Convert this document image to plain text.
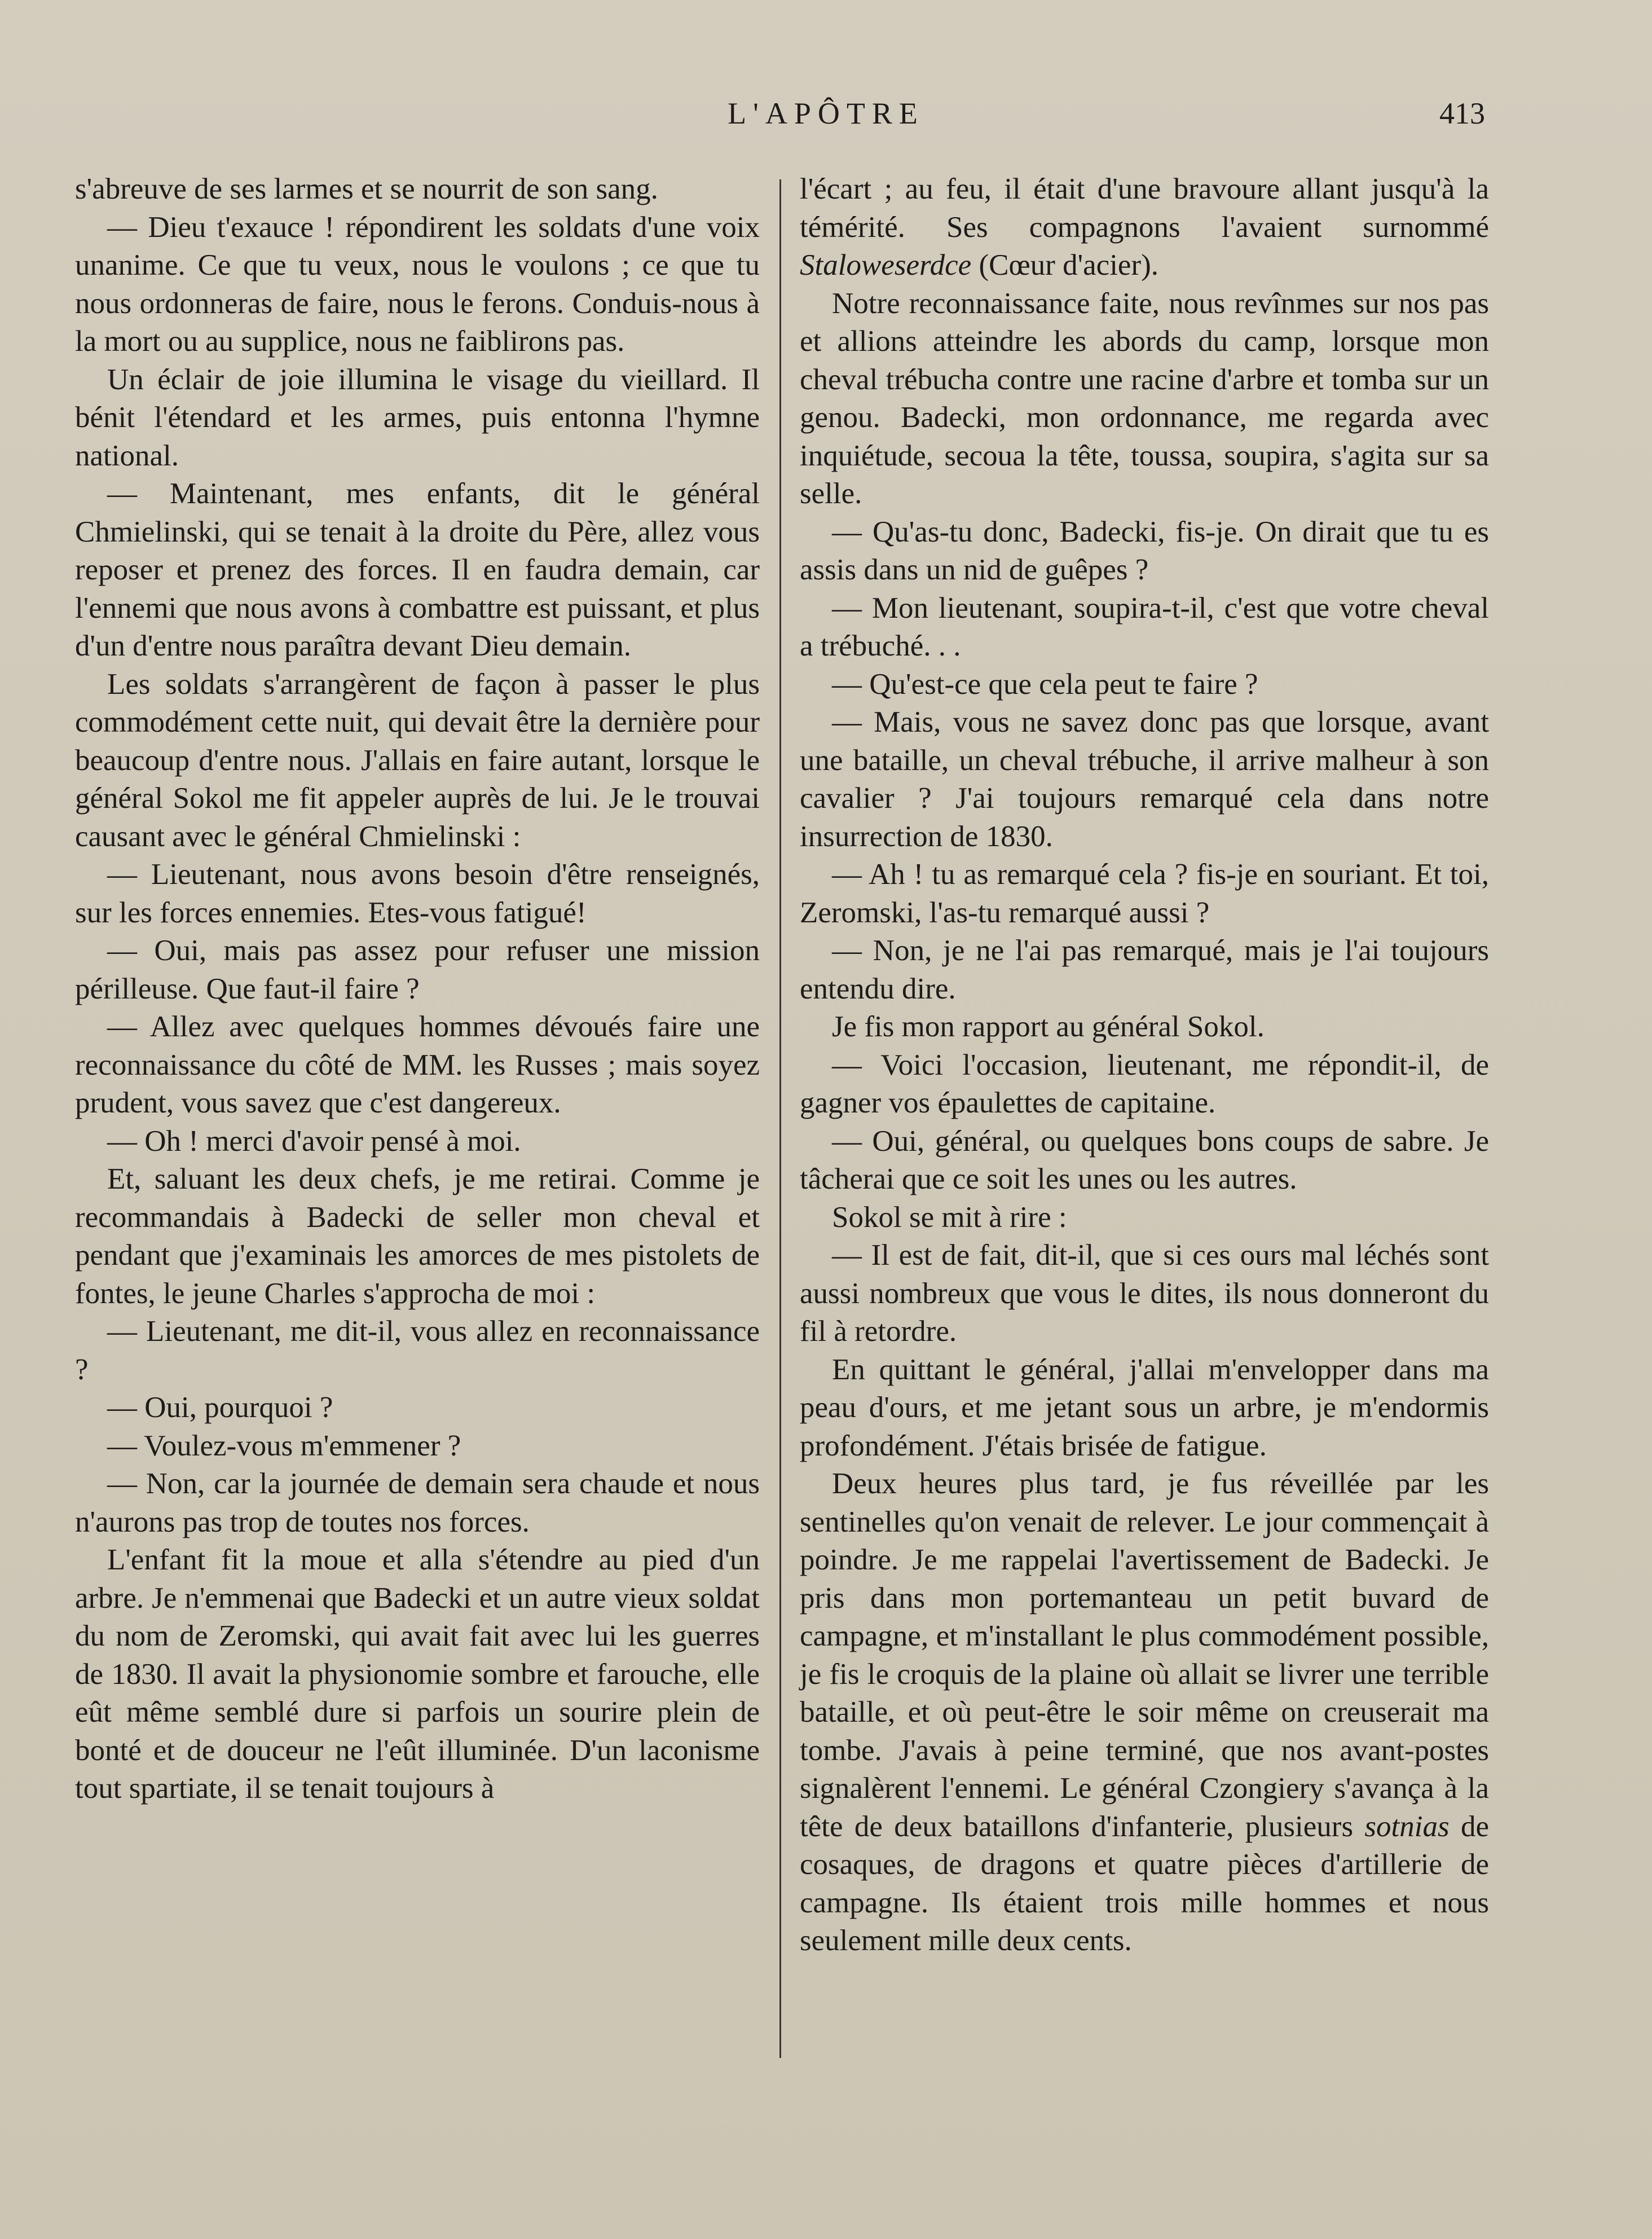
L'APÔTRE	413

s'abreuve de ses larmes et se nourrit de son sang.

— Dieu t'exauce ! répondirent les soldats d'une voix unanime. Ce que tu veux, nous le voulons ; ce que tu nous ordonneras de faire, nous le ferons. Conduis-nous à la mort ou au supplice, nous ne faiblirons pas.

Un éclair de joie illumina le visage du vieillard. Il bénit l'étendard et les armes, puis entonna l'hymne national.

— Maintenant, mes enfants, dit le général Chmielinski, qui se tenait à la droite du Père, allez vous reposer et prenez des forces. Il en faudra demain, car l'ennemi que nous avons à combattre est puissant, et plus d'un d'entre nous paraîtra devant Dieu demain.

Les soldats s'arrangèrent de façon à passer le plus commodément cette nuit, qui devait être la dernière pour beaucoup d'entre nous. J'allais en faire autant, lorsque le général Sokol me fit appeler auprès de lui. Je le trouvai causant avec le général Chmielinski :

— Lieutenant, nous avons besoin d'être renseignés, sur les forces ennemies. Etes-vous fatigué!

— Oui, mais pas assez pour refuser une mission périlleuse. Que faut-il faire ?

— Allez avec quelques hommes dévoués faire une reconnaissance du côté de MM. les Russes ; mais soyez prudent, vous savez que c'est dangereux.

— Oh ! merci d'avoir pensé à moi.

Et, saluant les deux chefs, je me retirai. Comme je recommandais à Badecki de seller mon cheval et pendant que j'examinais les amorces de mes pistolets de fontes, le jeune Charles s'approcha de moi :

— Lieutenant, me dit-il, vous allez en reconnaissance ?

— Oui, pourquoi ?

— Voulez-vous m'emmener ?

— Non, car la journée de demain sera chaude et nous n'aurons pas trop de toutes nos forces.

L'enfant fit la moue et alla s'étendre au pied d'un arbre. Je n'emmenai que Badecki et un autre vieux soldat du nom de Zeromski, qui avait fait avec lui les guerres de 1830. Il avait la physionomie sombre et farouche, elle eût même semblé dure si parfois un sourire plein de bonté et de douceur ne l'eût illuminée. D'un laconisme tout spartiate, il se tenait toujours à

l'écart ; au feu, il était d'une bravoure allant jusqu'à la témérité. Ses compagnons l'avaient surnommé Staloweserdce (Cœur d'acier).

Notre reconnaissance faite, nous revînmes sur nos pas et allions atteindre les abords du camp, lorsque mon cheval trébucha contre une racine d'arbre et tomba sur un genou. Badecki, mon ordonnance, me regarda avec inquiétude, secoua la tête, toussa, soupira, s'agita sur sa selle.

— Qu'as-tu donc, Badecki, fis-je. On dirait que tu es assis dans un nid de guêpes ?

— Mon lieutenant, soupira-t-il, c'est que votre cheval a trébuché. . .

— Qu'est-ce que cela peut te faire ?

— Mais, vous ne savez donc pas que lorsque, avant une bataille, un cheval trébuche, il arrive malheur à son cavalier ? J'ai toujours remarqué cela dans notre insurrection de 1830.

— Ah ! tu as remarqué cela ? fis-je en souriant. Et toi, Zeromski, l'as-tu remarqué aussi ?

— Non, je ne l'ai pas remarqué, mais je l'ai toujours entendu dire.

Je fis mon rapport au général Sokol.

— Voici l'occasion, lieutenant, me répondit-il, de gagner vos épaulettes de capitaine.

— Oui, général, ou quelques bons coups de sabre. Je tâcherai que ce soit les unes ou les autres.

Sokol se mit à rire :

— Il est de fait, dit-il, que si ces ours mal léchés sont aussi nombreux que vous le dites, ils nous donneront du fil à retordre.

En quittant le général, j'allai m'envelopper dans ma peau d'ours, et me jetant sous un arbre, je m'endormis profondément. J'étais brisée de fatigue.

Deux heures plus tard, je fus réveillée par les sentinelles qu'on venait de relever. Le jour commençait à poindre. Je me rappelai l'avertissement de Badecki. Je pris dans mon portemanteau un petit buvard de campagne, et m'installant le plus commodément possible, je fis le croquis de la plaine où allait se livrer une terrible bataille, et où peut-être le soir même on creuserait ma tombe. J'avais à peine terminé, que nos avant-postes signalèrent l'ennemi. Le général Czongiery s'avança à la tête de deux bataillons d'infanterie, plusieurs sotnias de cosaques, de dragons et quatre pièces d'artillerie de campagne. Ils étaient trois mille hommes et nous seulement mille deux cents.
